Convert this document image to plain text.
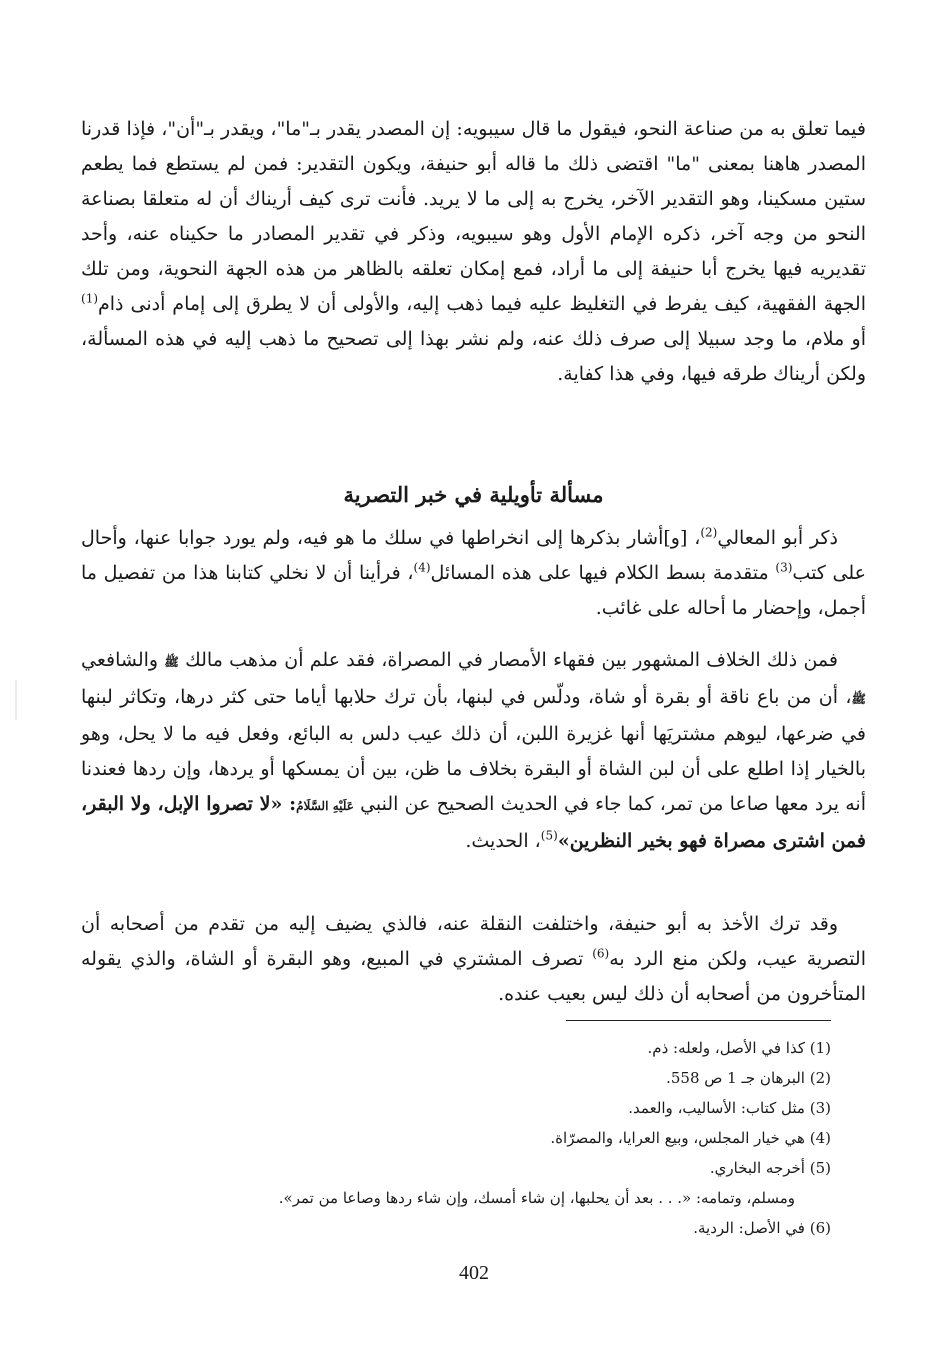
فيما تعلق به من صناعة النحو، فيقول ما قال سيبويه: إن المصدر يقدر بـ"ما"، ويقدر بـ"أن"، فإذا قدرنا المصدر هاهنا بمعنى "ما" اقتضى ذلك ما قاله أبو حنيفة، ويكون التقدير: فمن لم يستطع فما يطعم ستين مسكينا، وهو التقدير الآخر، يخرج به إلى ما لا يريد. فأنت ترى كيف أريناك أن له متعلقا بصناعة النحو من وجه آخر، ذكره الإمام الأول وهو سيبويه، وذكر في تقدير المصادر ما حكيناه عنه، وأحد تقديريه فيها يخرج أبا حنيفة إلى ما أراد، فمع إمكان تعلقه بالظاهر من هذه الجهة النحوية، ومن تلك الجهة الفقهية، كيف يفرط في التغليظ عليه فيما ذهب إليه، والأولى أن لا يطرق إلى إمام أدنى ذام$^{(1)}$ أو ملام، ما وجد سبيلا إلى صرف ذلك عنه، ولم نشر بهذا إلى تصحيح ما ذهب إليه في هذه المسألة، ولكن أريناك طرقه فيها، وفي هذا كفاية.
مسألة تأويلية في خبر التصرية
ذكر أبو المعالي$^{(2)}$، [و]أشار بذكرها إلى انخراطها في سلك ما هو فيه، ولم يورد جوابا عنها، وأحال على كتب$^{(3)}$ متقدمة بسط الكلام فيها على هذه المسائل$^{(4)}$، فرأينا أن لا نخلي كتابنا هذا من تفصيل ما أجمل، وإحضار ما أحاله على غائب.
فمن ذلك الخلاف المشهور بين فقهاء الأمصار في المصراة، فقد علم أن مذهب مالك ﷺ والشافعي ﷺ، أن من باع ناقة أو بقرة أو شاة، ودلّس في لبنها، بأن ترك حلابها أياما حتى كثر درها، وتكاثر لبنها في ضرعها، ليوهم مشتريَها أنها غزيرة اللبن، أن ذلك عيب دلس به البائع، وفعل فيه ما لا يحل، وهو بالخيار إذا اطلع على أن لبن الشاة أو البقرة بخلاف ما ظن، بين أن يمسكها أو يردها، وإن ردها فعندنا أنه يرد معها صاعا من تمر، كما جاء في الحديث الصحيح عن النبي عَلَيْهِ السَّلَامُ: «لا تصروا الإبل، ولا البقر، فمن اشترى مصراة فهو بخير النظرين»$^{(5)}$، الحديث.
وقد ترك الأخذ به أبو حنيفة، واختلفت النقلة عنه، فالذي يضيف إليه من تقدم من أصحابه أن التصرية عيب، ولكن منع الرد به$^{(6)}$ تصرف المشتري في المبيع، وهو البقرة أو الشاة، والذي يقوله المتأخرون من أصحابه أن ذلك ليس بعيب عنده.
(1) كذا في الأصل، ولعله: ذم.
(2) البرهان جـ 1 ص 558.
(3) مثل كتاب: الأساليب، والعمد.
(4) هي خيار المجلس، وبيع العرايا، والمصرّاة.
(5) أخرجه البخاري.
ومسلم، وتمامه: «. . . بعد أن يحلبها، إن شاء أمسك، وإن شاء ردها وصاعا من تمر».
(6) في الأصل: الردية.
402
